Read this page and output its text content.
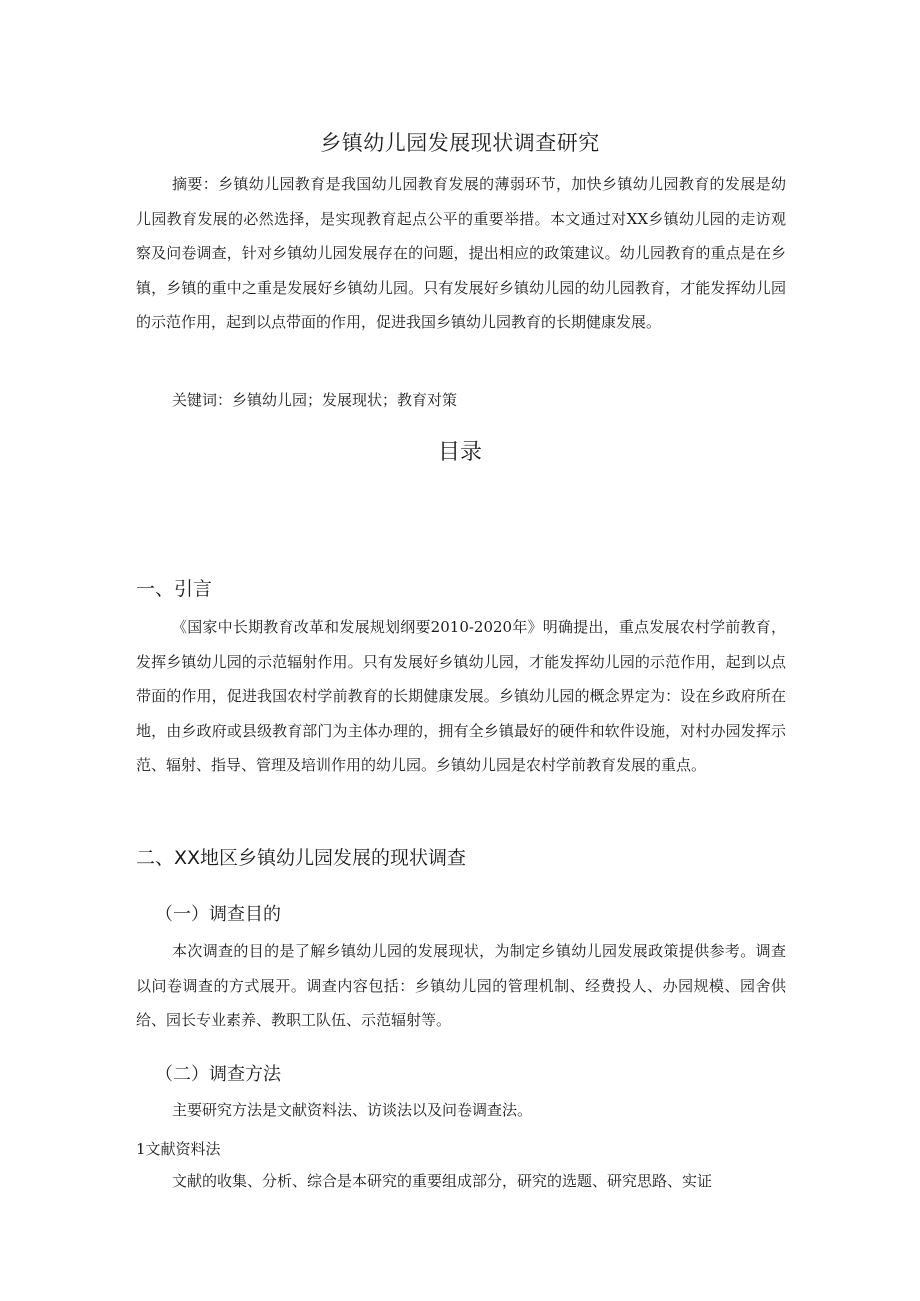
乡镇幼儿园发展现状调查研究

摘要：乡镇幼儿园教育是我国幼儿园教育发展的薄弱环节，加快乡镇幼儿园教育的发展是幼儿园教育发展的必然选择，是实现教育起点公平的重要举措。本文通过对XX乡镇幼儿园的走访观察及问卷调查，针对乡镇幼儿园发展存在的问题，提出相应的政策建议。幼儿园教育的重点是在乡镇，乡镇的重中之重是发展好乡镇幼儿园。只有发展好乡镇幼儿园的幼儿园教育，才能发挥幼儿园的示范作用，起到以点带面的作用，促进我国乡镇幼儿园教育的长期健康发展。

关键词：乡镇幼儿园；发展现状；教育对策

目录
一、引言

《国家中长期教育改革和发展规划纲要2010-2020年》明确提出，重点发展农村学前教育，发挥乡镇幼儿园的示范辐射作用。只有发展好乡镇幼儿园，才能发挥幼儿园的示范作用，起到以点带面的作用，促进我国农村学前教育的长期健康发展。乡镇幼儿园的概念界定为：设在乡政府所在地，由乡政府或县级教育部门为主体办理的，拥有全乡镇最好的硬件和软件设施，对村办园发挥示范、辐射、指导、管理及培训作用的幼儿园。乡镇幼儿园是农村学前教育发展的重点。

二、XX地区乡镇幼儿园发展的现状调查
（一）调查目的

本次调查的目的是了解乡镇幼儿园的发展现状，为制定乡镇幼儿园发展政策提供参考。调查以问卷调查的方式展开。调查内容包括：乡镇幼儿园的管理机制、经费投人、办园规模、园舍供给、园长专业素养、教职工队伍、示范辐射等。

（二）调查方法

主要研究方法是文献资料法、访谈法以及问卷调查法。

1文献资料法

文献的收集、分析、综合是本研究的重要组成部分，研究的选题、研究思路、实证
